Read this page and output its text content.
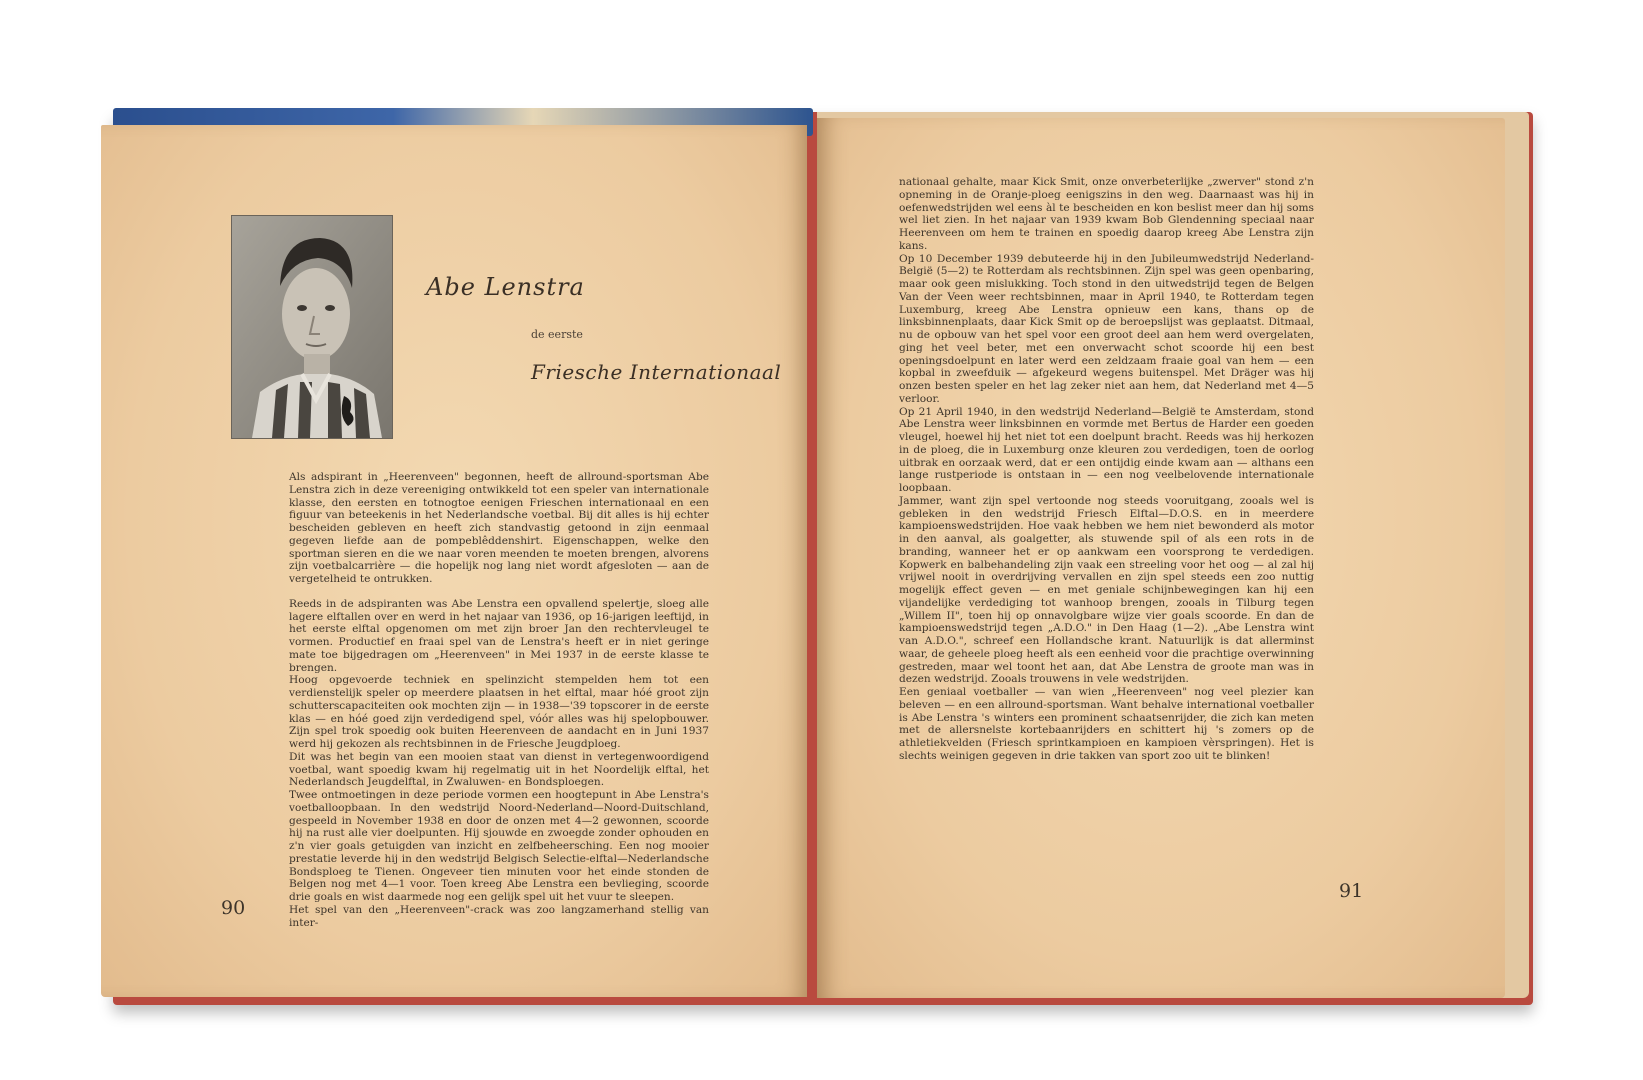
Abe Lenstra
de eerste
Friesche Internationaal

Als adspirant in „Heerenveen" begonnen, heeft de allround-sportsman Abe Lenstra zich in deze vereeniging ontwikkeld tot een speler van internationale klasse, den eersten en totnogtoe eenigen Frieschen internationaal en een figuur van beteekenis in het Nederlandsche voetbal. Bij dit alles is hij echter bescheiden gebleven en heeft zich standvastig getoond in zijn eenmaal gegeven liefde aan de pompeblêddenshirt. Eigenschappen, welke den sportman sieren en die we naar voren meenden te moeten brengen, alvorens zijn voetbalcarrière — die hopelijk nog lang niet wordt afgesloten — aan de vergetelheid te ontrukken.

Reeds in de adspiranten was Abe Lenstra een opvallend spelertje, sloeg alle lagere elftallen over en werd in het najaar van 1936, op 16-jarigen leeftijd, in het eerste elftal opgenomen om met zijn broer Jan den rechtervleugel te vormen. Productief en fraai spel van de Lenstra's heeft er in niet geringe mate toe bijgedragen om „Heerenveen" in Mei 1937 in de eerste klasse te brengen.

Hoog opgevoerde techniek en spelinzicht stempelden hem tot een verdienstelijk speler op meerdere plaatsen in het elftal, maar hóé groot zijn schutterscapaciteiten ook mochten zijn — in 1938—'39 topscorer in de eerste klas — en hóé goed zijn verdedigend spel, vóór alles was hij spelopbouwer. Zijn spel trok spoedig ook buiten Heerenveen de aandacht en in Juni 1937 werd hij gekozen als rechtsbinnen in de Friesche Jeugdploeg.

Dit was het begin van een mooien staat van dienst in vertegenwoordigend voetbal, want spoedig kwam hij regelmatig uit in het Noordelijk elftal, het Nederlandsch Jeugdelftal, in Zwaluwen- en Bondsploegen.

Twee ontmoetingen in deze periode vormen een hoogtepunt in Abe Lenstra's voetballoopbaan. In den wedstrijd Noord-Nederland—Noord-Duitschland, gespeeld in November 1938 en door de onzen met 4—2 gewonnen, scoorde hij na rust alle vier doelpunten. Hij sjouwde en zwoegde zonder ophouden en z'n vier goals getuigden van inzicht en zelfbeheersching. Een nog mooier prestatie leverde hij in den wedstrijd Belgisch Selectie-elftal—Nederlandsche Bondsploeg te Tienen. Ongeveer tien minuten voor het einde stonden de Belgen nog met 4—1 voor. Toen kreeg Abe Lenstra een bevlieging, scoorde drie goals en wist daarmede nog een gelijk spel uit het vuur te sleepen.

Het spel van den „Heerenveen"-crack was zoo langzamerhand stellig van inter-

90

nationaal gehalte, maar Kick Smit, onze onverbeterlijke „zwerver" stond z'n opneming in de Oranje-ploeg eenigszins in den weg. Daarnaast was hij in oefenwedstrijden wel eens àl te bescheiden en kon beslist meer dan hij soms wel liet zien. In het najaar van 1939 kwam Bob Glendenning speciaal naar Heerenveen om hem te trainen en spoedig daarop kreeg Abe Lenstra zijn kans.

Op 10 December 1939 debuteerde hij in den Jubileumwedstrijd Nederland-België (5—2) te Rotterdam als rechtsbinnen. Zijn spel was geen openbaring, maar ook geen mislukking. Toch stond in den uitwedstrijd tegen de Belgen Van der Veen weer rechtsbinnen, maar in April 1940, te Rotterdam tegen Luxemburg, kreeg Abe Lenstra opnieuw een kans, thans op de linksbinnenplaats, daar Kick Smit op de beroepslijst was geplaatst. Ditmaal, nu de opbouw van het spel voor een groot deel aan hem werd overgelaten, ging het veel beter, met een onverwacht schot scoorde hij een best openingsdoelpunt en later werd een zeldzaam fraaie goal van hem — een kopbal in zweefduik — afgekeurd wegens buitenspel. Met Dräger was hij onzen besten speler en het lag zeker niet aan hem, dat Nederland met 4—5 verloor.

Op 21 April 1940, in den wedstrijd Nederland—België te Amsterdam, stond Abe Lenstra weer linksbinnen en vormde met Bertus de Harder een goeden vleugel, hoewel hij het niet tot een doelpunt bracht. Reeds was hij herkozen in de ploeg, die in Luxemburg onze kleuren zou verdedigen, toen de oorlog uitbrak en oorzaak werd, dat er een ontijdig einde kwam aan — althans een lange rustperiode is ontstaan in — een nog veelbelovende internationale loopbaan.

Jammer, want zijn spel vertoonde nog steeds vooruitgang, zooals wel is gebleken in den wedstrijd Friesch Elftal—D.O.S. en in meerdere kampioenswedstrijden. Hoe vaak hebben we hem niet bewonderd als motor in den aanval, als goalgetter, als stuwende spil of als een rots in de branding, wanneer het er op aankwam een voorsprong te verdedigen. Kopwerk en balbehandeling zijn vaak een streeling voor het oog — al zal hij vrijwel nooit in overdrijving vervallen en zijn spel steeds een zoo nuttig mogelijk effect geven — en met geniale schijnbewegingen kan hij een vijandelijke verdediging tot wanhoop brengen, zooals in Tilburg tegen „Willem II", toen hij op onnavolgbare wijze vier goals scoorde. En dan de kampioenswedstrijd tegen „A.D.O." in Den Haag (1—2). „Abe Lenstra wint van A.D.O.", schreef een Hollandsche krant. Natuurlijk is dat allerminst waar, de geheele ploeg heeft als een eenheid voor die prachtige overwinning gestreden, maar wel toont het aan, dat Abe Lenstra de groote man was in dezen wedstrijd. Zooals trouwens in vele wedstrijden.

Een geniaal voetballer — van wien „Heerenveen" nog veel plezier kan beleven — en een allround-sportsman. Want behalve international voetballer is Abe Lenstra 's winters een prominent schaatsenrijder, die zich kan meten met de allersnelste kortebaanrijders en schittert hij 's zomers op de athletiekvelden (Friesch sprintkampioen en kampioen vèrspringen). Het is slechts weinigen gegeven in drie takken van sport zoo uit te blinken!

91
